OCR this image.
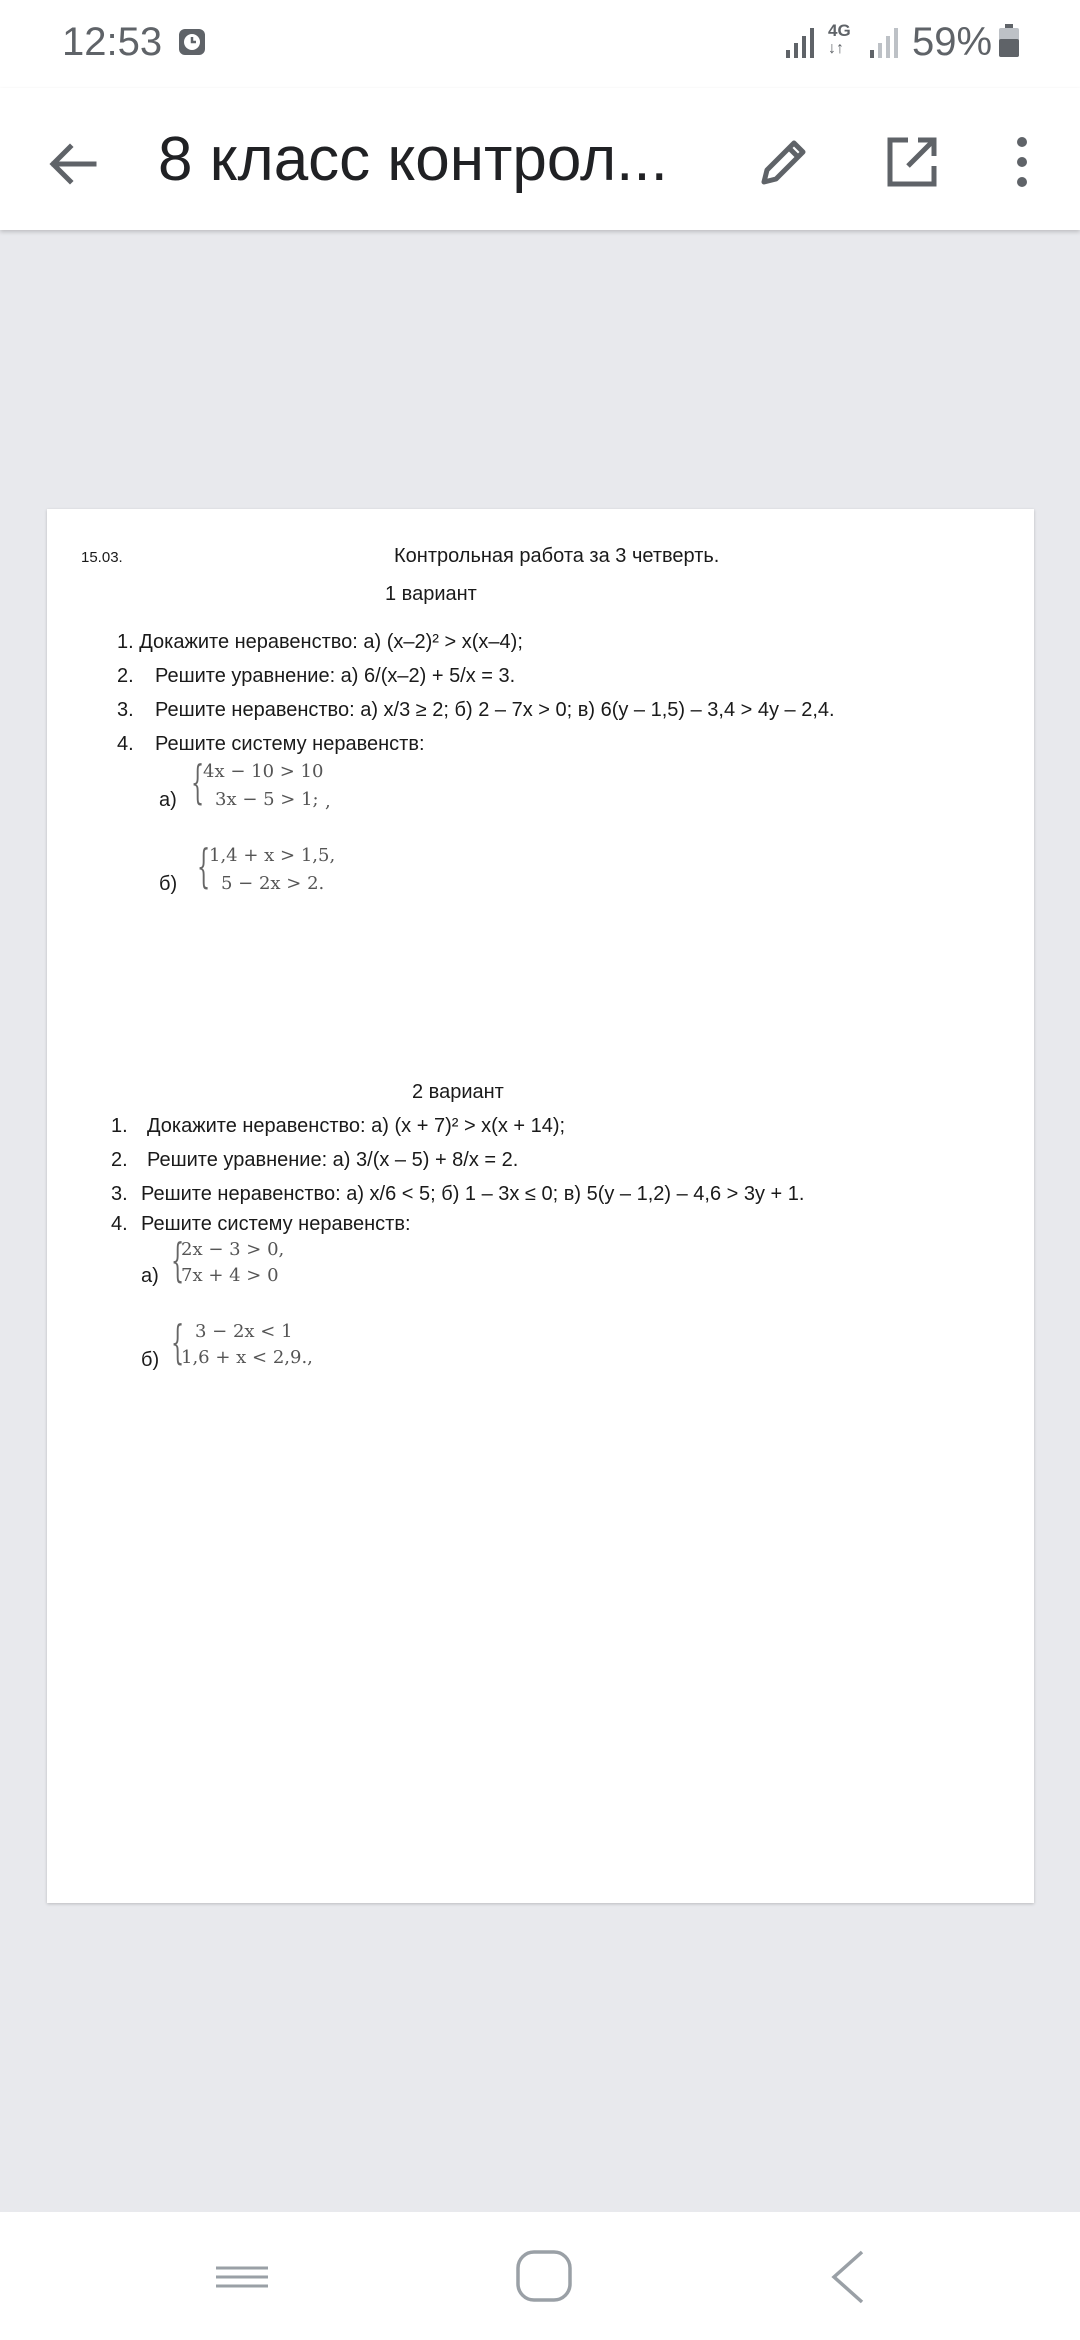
12:53	4G
↓↑	59%
8 класс контрол...
15.03.	Контрольная работа за 3 четверть.
1 вариант
1. Докажите неравенство: а) (х–2)² > х(х–4);
2. Решите уравнение: а) 6/(х–2) + 5/х = 3.
3. Решите неравенство: а) х/3 ≥ 2; б) 2 – 7х > 0; в) 6(у – 1,5) – 3,4 > 4у – 2,4.
4. Решите систему неравенств:
а) {
4x − 10 > 10
3x − 5 > 1; ,
б) {
1,4 + x > 1,5,
5 − 2x > 2.
2 вариант
1. Докажите неравенство: а) (х + 7)² > х(х + 14);
2. Решите уравнение: а) 3/(х – 5) + 8/х = 2.
3. Решите неравенство: а) х/6 < 5; б) 1 – 3х ≤ 0; в) 5(у – 1,2) – 4,6 > 3у + 1.
4. Решите систему неравенств:
а) {
2x − 3 > 0,
7x + 4 > 0
б) { 3 − 2x < 1
1,6 + x < 2,9.,
